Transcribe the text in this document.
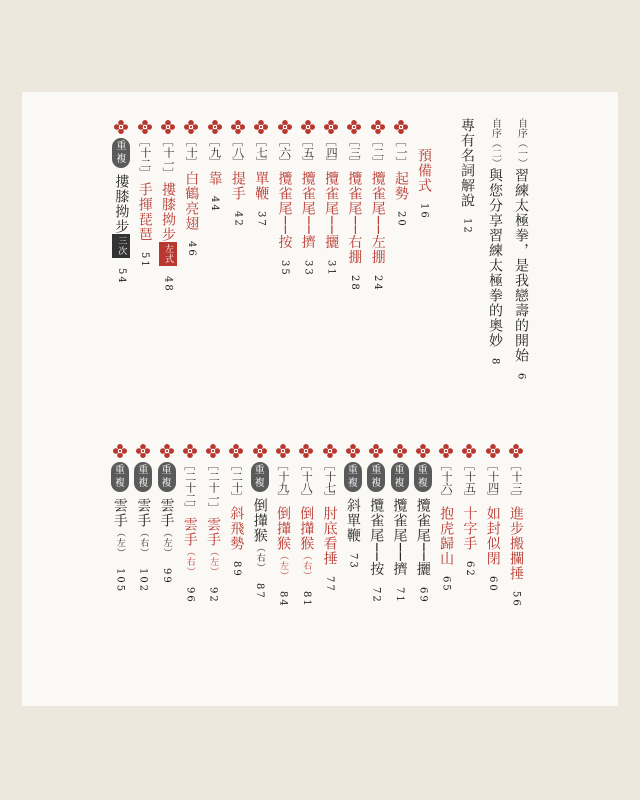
自序（一）
習練太極拳，是我戀壽的開始
6
自序（二）
與您分享習練太極拳的奧妙
8
專有名詞解說
12
預備式
16
﹇
一
﹈
起勢
20
﹇
二
﹈
攬雀尾──左掤
24
﹇
三
﹈
攬雀尾──右掤
28
﹇
四
﹈
攬雀尾──攦
31
﹇
五
﹈
攬雀尾──擠
33
﹇
六
﹈
攬雀尾──按
35
﹇
七
﹈
單鞭
37
﹇
八
﹈
提手
42
﹇
九
﹈
靠
44
﹇
十
﹈
白鶴亮翅
46
﹇
十一
﹈
摟膝拗步左式
48
﹇
十二
﹈
手揮琵琶
51
重
複
摟膝拗步三次
54
﹇
十三
﹈
進步搬攔捶
56
﹇
十四
﹈
如封似閉
60
﹇
十五
﹈
十字手
62
﹇
十六
﹈
抱虎歸山
65
重
複
攬雀尾──攦
69
重
複
攬雀尾──擠
71
重
複
攬雀尾──按
72
重
複
斜單鞭
73
﹇
十七
﹈
肘底看捶
77
﹇
十八
﹈
倒攆猴（右）
81
﹇
十九
﹈
倒攆猴（左）
84
重
複
倒攆猴（右）
87
﹇
二十
﹈
斜飛勢
89
﹇
二十一
﹈
雲手（左）
92
﹇
二十二
﹈
雲手（右）
96
重
複
雲手（左）
99
重
複
雲手（右）
102
重
複
雲手（左）
105
